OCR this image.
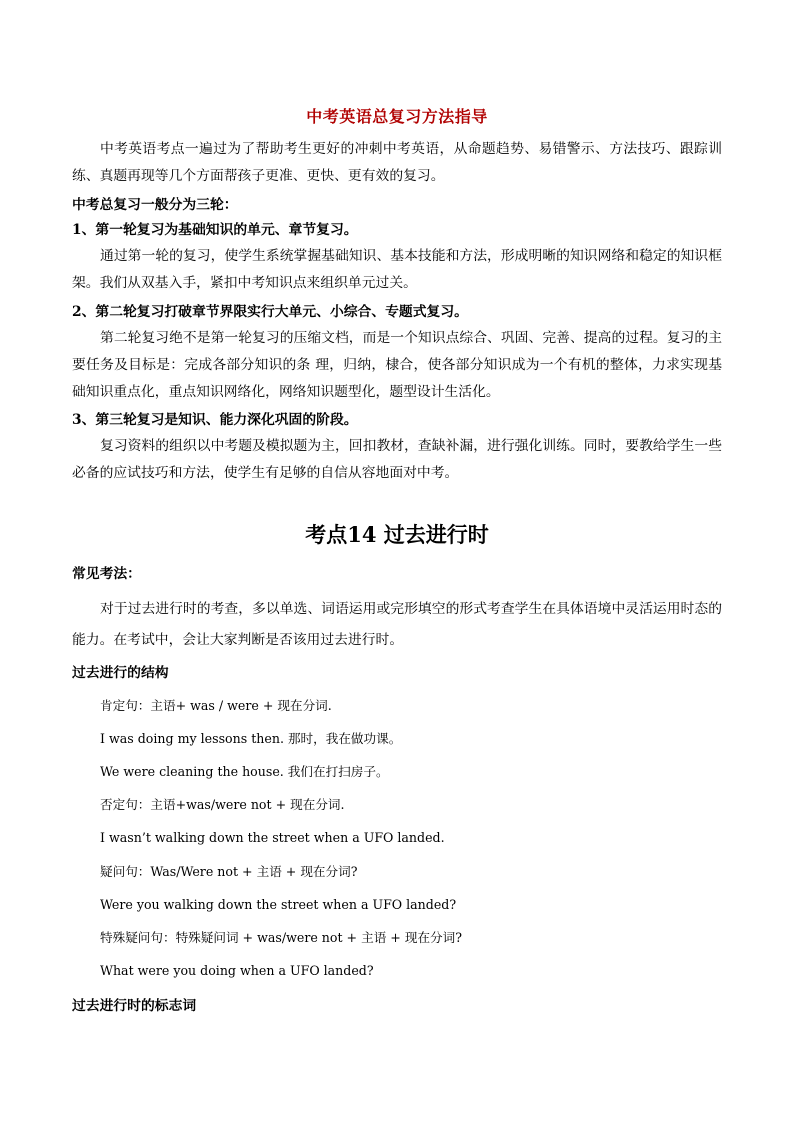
中考英语总复习方法指导
中考英语考点一遍过为了帮助考生更好的冲刺中考英语，从命题趋势、易错警示、方法技巧、跟踪训练、真题再现等几个方面帮孩子更准、更快、更有效的复习。
中考总复习一般分为三轮：
1、第一轮复习为基础知识的单元、章节复习。
通过第一轮的复习，使学生系统掌握基础知识、基本技能和方法，形成明晰的知识网络和稳定的知识框架。我们从双基入手，紧扣中考知识点来组织单元过关。
2、第二轮复习打破章节界限实行大单元、小综合、专题式复习。
第二轮复习绝不是第一轮复习的压缩文档，而是一个知识点综合、巩固、完善、提高的过程。复习的主要任务及目标是：完成各部分知识的条 理，归纳，棣合，使各部分知识成为一个有机的整体，力求实现基础知识重点化，重点知识网络化，网络知识题型化，题型设计生活化。
3、第三轮复习是知识、能力深化巩固的阶段。
复习资料的组织以中考题及模拟题为主，回扣教材，查缺补漏，进行强化训练。同时，要教给学生一些必备的应试技巧和方法，使学生有足够的自信从容地面对中考。
考点14 过去进行时
常见考法：
对于过去进行时的考查，多以单选、词语运用或完形填空的形式考查学生在具体语境中灵活运用时态的能力。在考试中，会让大家判断是否该用过去进行时。
过去进行的结构
肯定句：主语+ was / were + 现在分词.
I was doing my lessons then. 那时，我在做功课。
We were cleaning the house. 我们在打扫房子。
否定句：主语+was/were not + 现在分词.
I wasn’t walking down the street when a UFO landed.
疑问句：Was/Were not + 主语 + 现在分词?
Were you walking down the street when a UFO landed?
特殊疑问句：特殊疑问词 + was/were not + 主语 + 现在分词?
What were you doing when a UFO landed?
过去进行时的标志词
